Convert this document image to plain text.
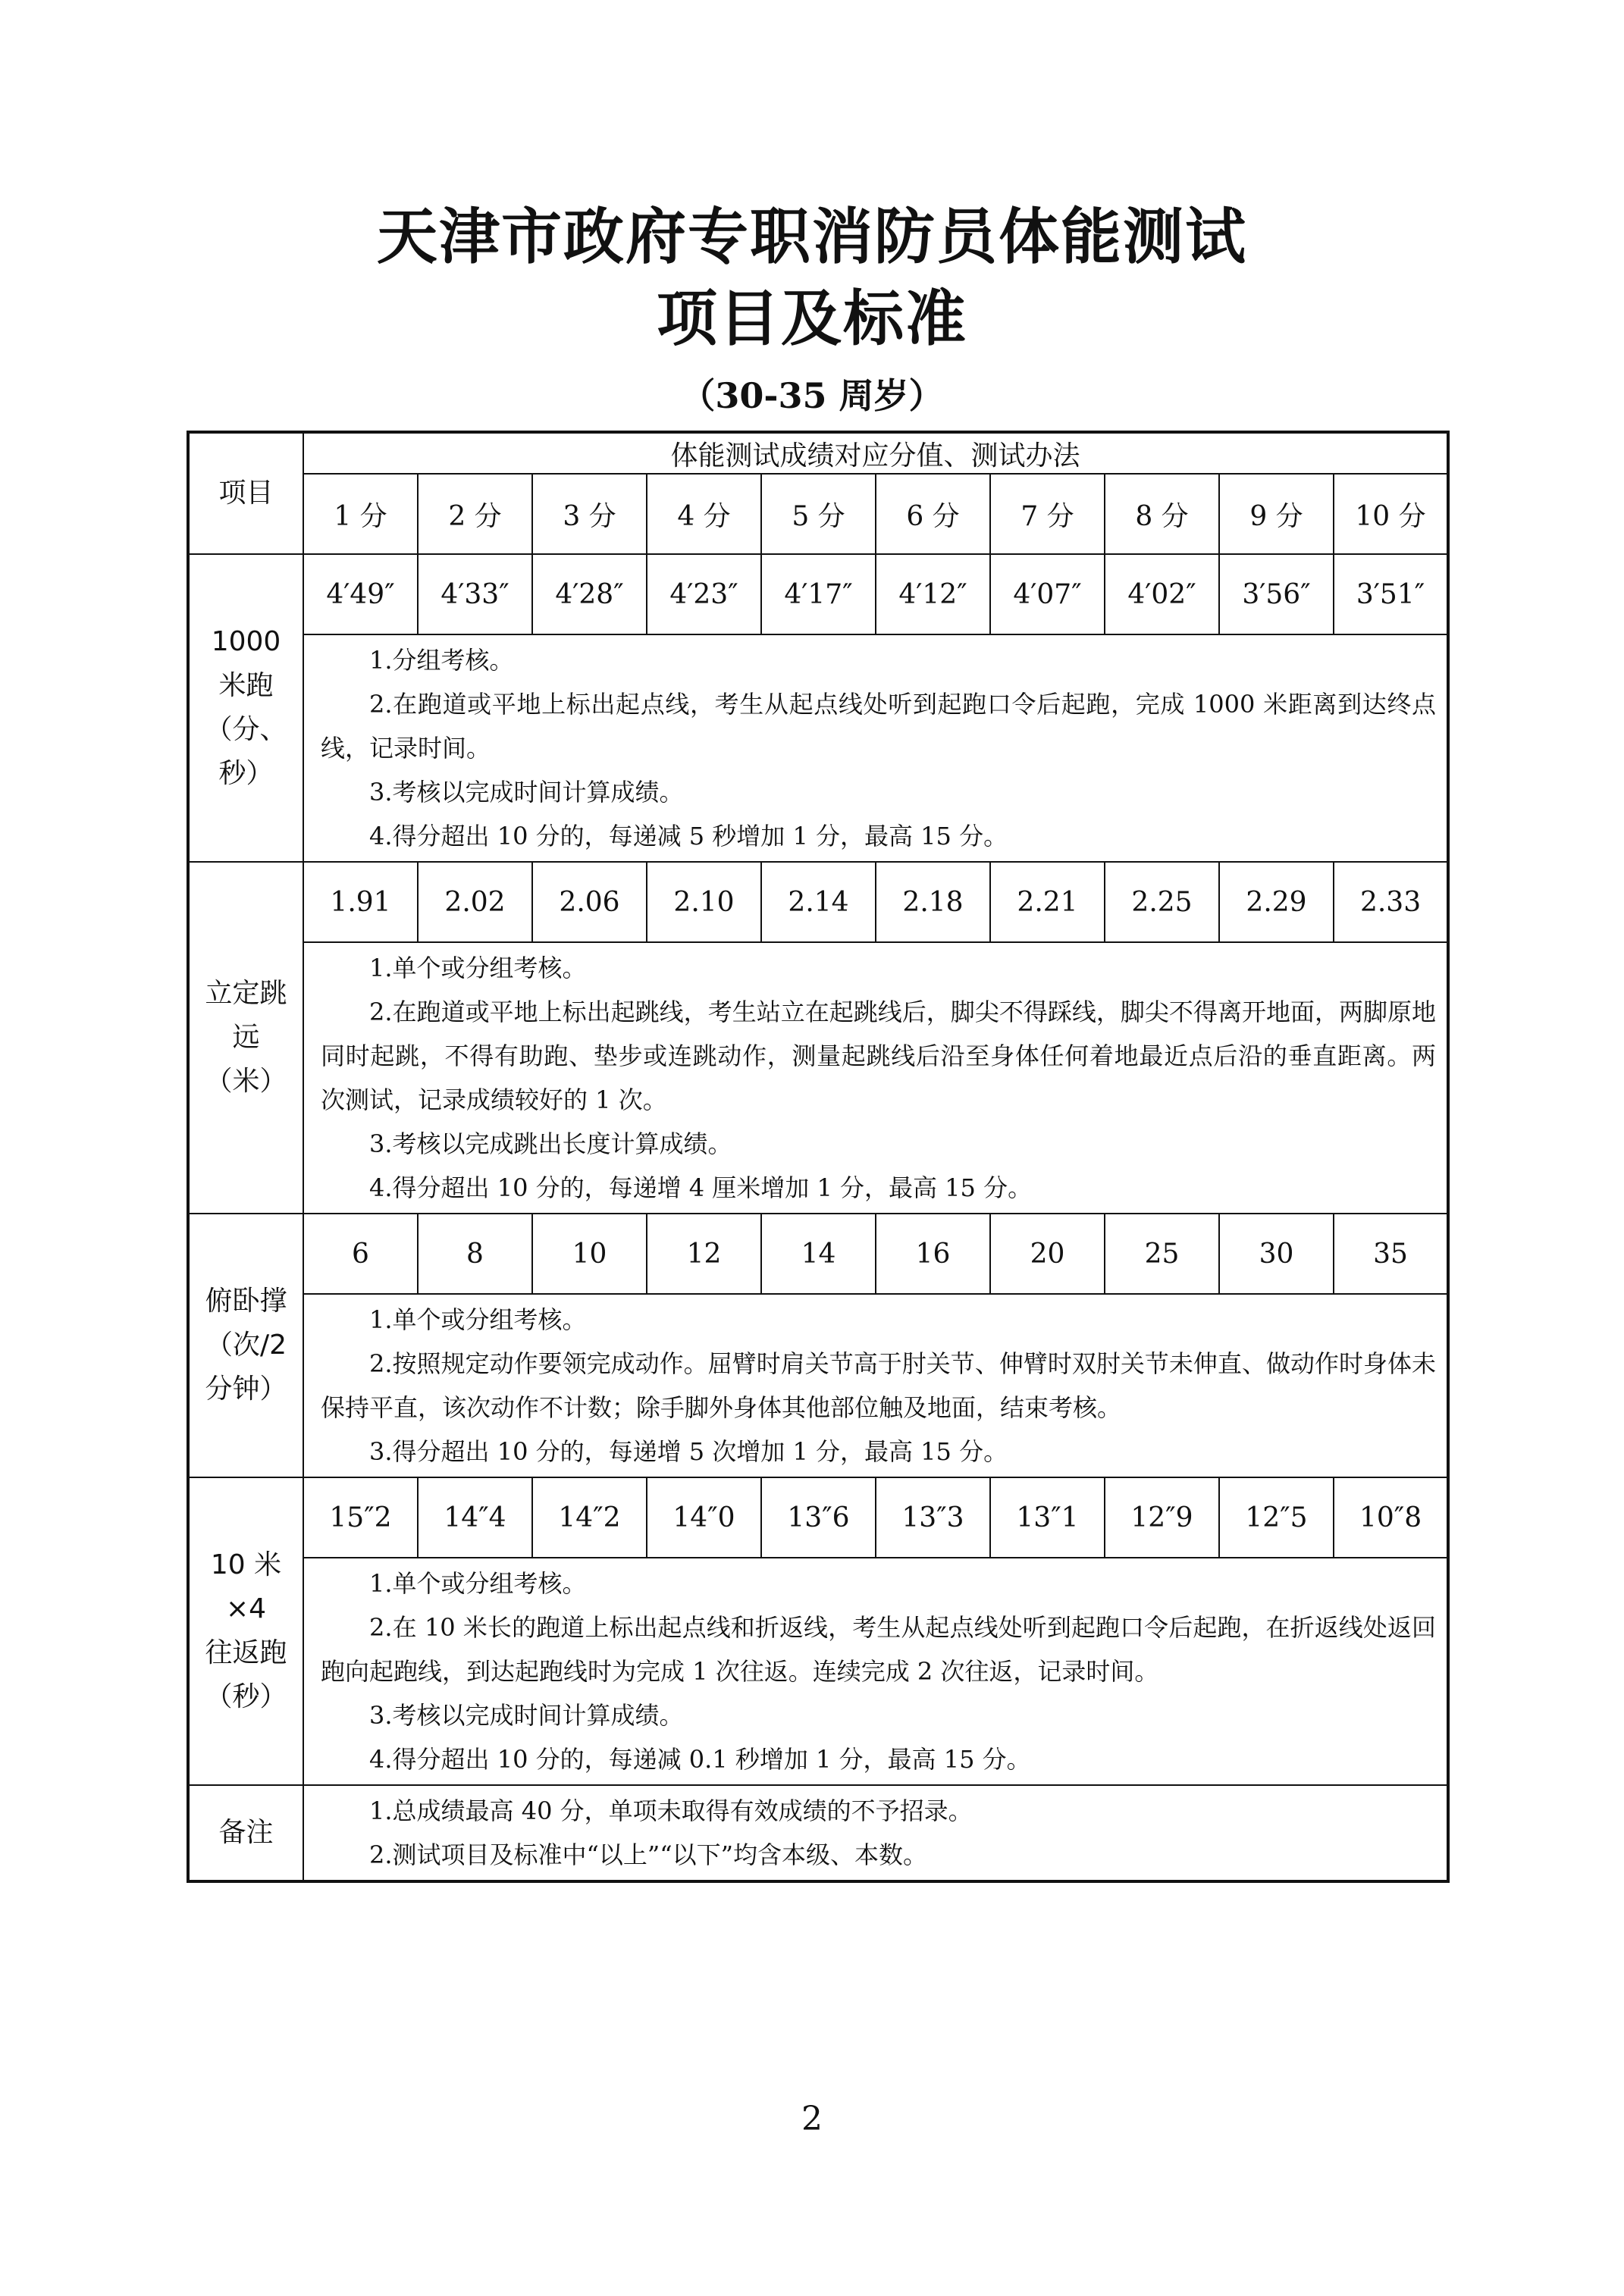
天津市政府专职消防员体能测试
项目及标准

（30-35 周岁）

项目	体能测试成绩对应分值、测试办法									
	1 分	2 分	3 分	4 分	5 分	6 分	7 分	8 分	9 分	10 分

1000
米跑
（分、
秒）	4′49″	4′33″	4′28″	4′23″	4′17″	4′12″	4′07″	4′02″	3′56″	3′51″

	1.分组考核。

2.在跑道或平地上标出起点线，考生从起点线处听到起跑口令后起跑，完成 1000 米距离到达终点线，记录时间。

3.考核以完成时间计算成绩。

4.得分超出 10 分的，每递减 5 秒增加 1 分，最高 15 分。									

立定跳
远
（米）	1.91	2.02	2.06	2.10	2.14	2.18	2.21	2.25	2.29	2.33

	1.单个或分组考核。

2.在跑道或平地上标出起跳线，考生站立在起跳线后，脚尖不得踩线，脚尖不得离开地面，两脚原地同时起跳，不得有助跑、垫步或连跳动作，测量起跳线后沿至身体任何着地最近点后沿的垂直距离。两次测试，记录成绩较好的 1 次。

3.考核以完成跳出长度计算成绩。

4.得分超出 10 分的，每递增 4 厘米增加 1 分，最高 15 分。									

俯卧撑
（次/2
分钟）	6	8	10	12	14	16	20	25	30	35

	1.单个或分组考核。

2.按照规定动作要领完成动作。屈臂时肩关节高于肘关节、伸臂时双肘关节未伸直、做动作时身体未保持平直，该次动作不计数；除手脚外身体其他部位触及地面，结束考核。

3.得分超出 10 分的，每递增 5 次增加 1 分，最高 15 分。									

10 米
×4
往返跑
（秒）	15″2	14″4	14″2	14″0	13″6	13″3	13″1	12″9	12″5	10″8

	1.单个或分组考核。

2.在 10 米长的跑道上标出起点线和折返线，考生从起点线处听到起跑口令后起跑，在折返线处返回跑向起跑线，到达起跑线时为完成 1 次往返。连续完成 2 次往返，记录时间。

3.考核以完成时间计算成绩。

4.得分超出 10 分的，每递减 0.1 秒增加 1 分，最高 15 分。									

备注	1.总成绩最高 40 分，单项未取得有效成绩的不予招录。

2.测试项目及标准中“以上”“以下”均含本级、本数。									

2
